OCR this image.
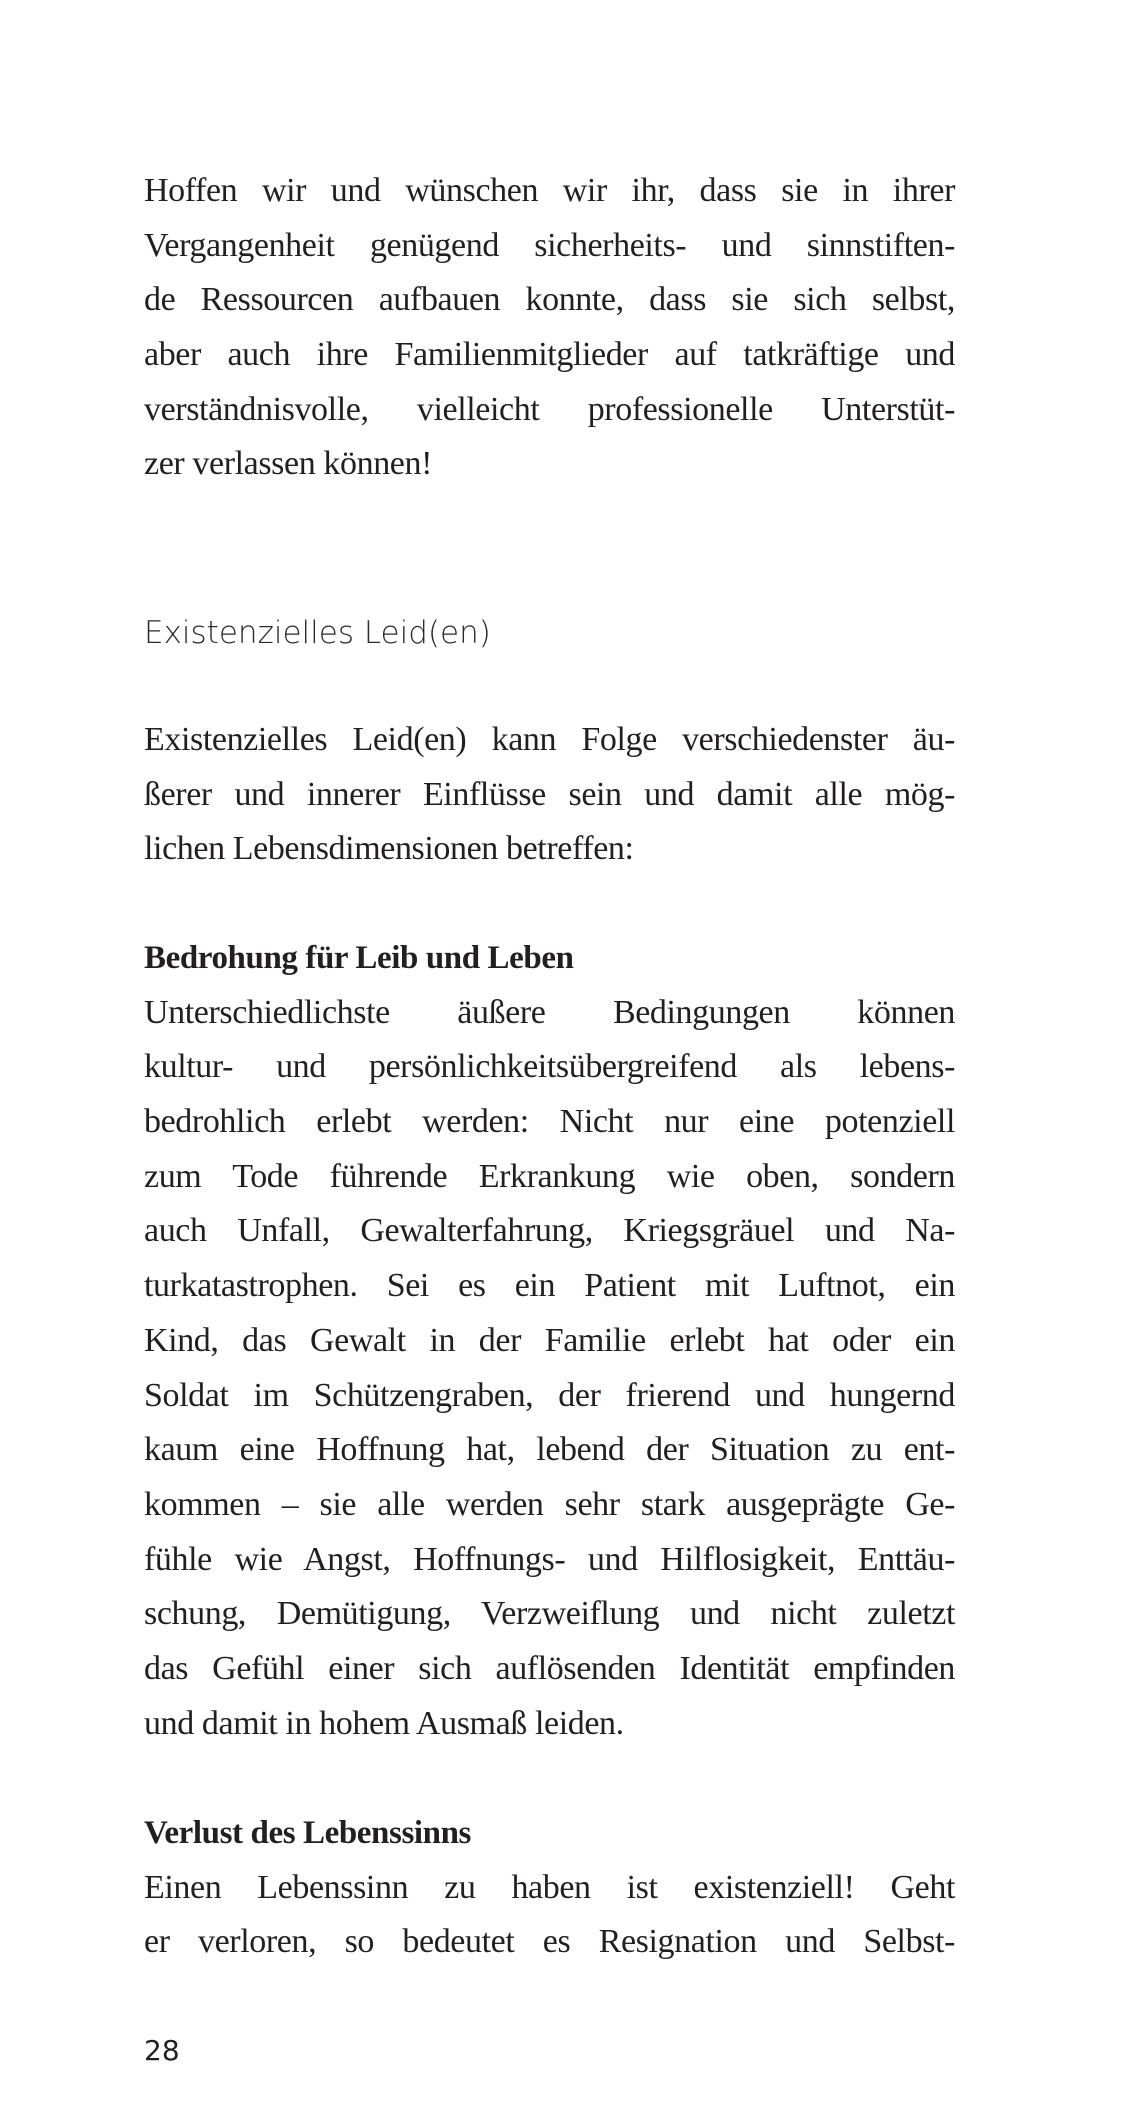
Hoffen wir und wünschen wir ihr, dass sie in ihrer
Vergangenheit genügend sicherheits- und sinnstiften-
de Ressourcen aufbauen konnte, dass sie sich selbst,
aber auch ihre Familienmitglieder auf tatkräftige und
verständnisvolle, vielleicht professionelle Unterstüt-
zer verlassen können!
Existenzielles Leid(en)
Existenzielles Leid(en) kann Folge verschiedenster äu-
ßerer und innerer Einflüsse sein und damit alle mög-
lichen Lebensdimensionen betreffen:
Bedrohung für Leib und Leben
Unterschiedlichste äußere Bedingungen können
kultur- und persönlichkeitsübergreifend als lebens-
bedrohlich erlebt werden: Nicht nur eine potenziell
zum Tode führende Erkrankung wie oben, sondern
auch Unfall, Gewalterfahrung, Kriegsgräuel und Na-
turkatastrophen. Sei es ein Patient mit Luftnot, ein
Kind, das Gewalt in der Familie erlebt hat oder ein
Soldat im Schützengraben, der frierend und hungernd
kaum eine Hoffnung hat, lebend der Situation zu ent-
kommen – sie alle werden sehr stark ausgeprägte Ge-
fühle wie Angst, Hoffnungs- und Hilflosigkeit, Enttäu-
schung, Demütigung, Verzweiflung und nicht zuletzt
das Gefühl einer sich auflösenden Identität empfinden
und damit in hohem Ausmaß leiden.
Verlust des Lebenssinns
Einen Lebenssinn zu haben ist existenziell! Geht
er verloren, so bedeutet es Resignation und Selbst-
28
